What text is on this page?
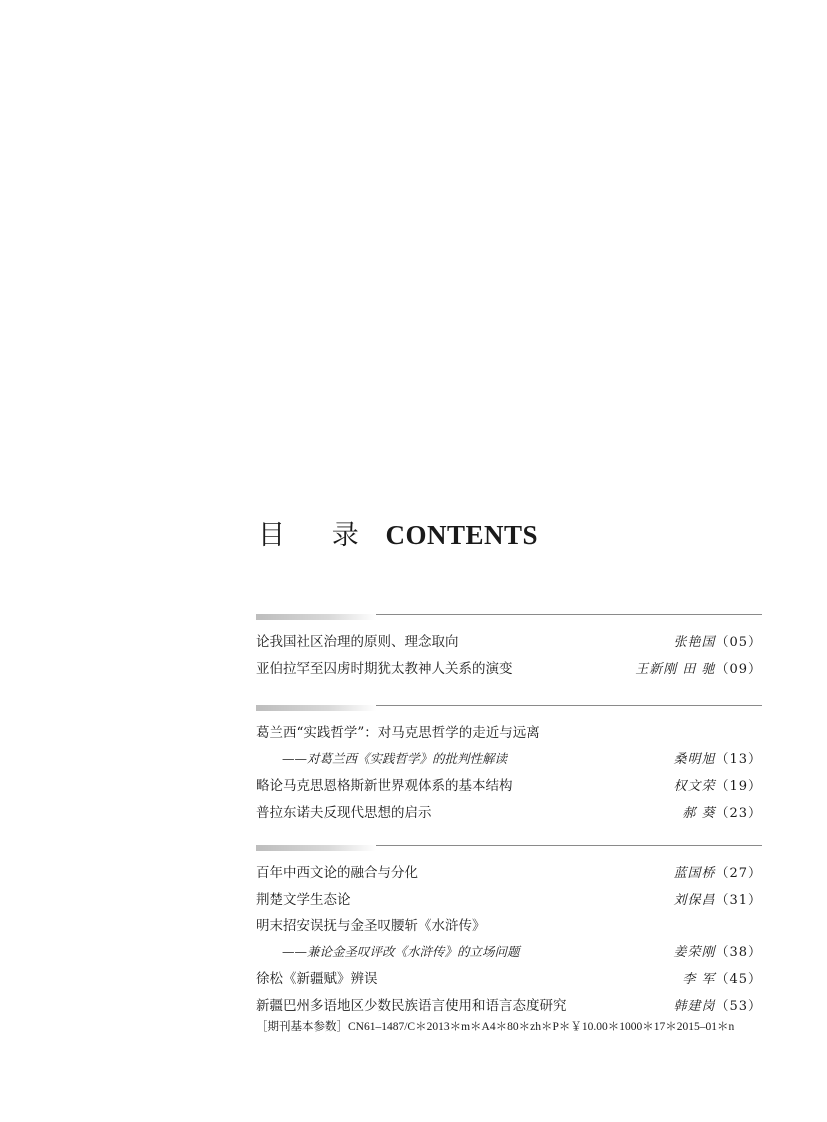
目 录 CONTENTS
论我国社区治理的原则、理念取向	张艳国（05）
亚伯拉罕至囚虏时期犹太教神人关系的演变	王新刚 田 驰（09）
葛兰西“实践哲学”：对马克思哲学的走近与远离
——对葛兰西《实践哲学》的批判性解读	桑明旭（13）
略论马克思恩格斯新世界观体系的基本结构	权文荣（19）
普拉东诺夫反现代思想的启示	郝 葵（23）
百年中西文论的融合与分化	蓝国桥（27）
荆楚文学生态论	刘保昌（31）
明末招安误抚与金圣叹腰斩《水浒传》
——兼论金圣叹评改《水浒传》的立场问题	姜荣刚（38）
徐松《新疆赋》辨误	李 军（45）
新疆巴州多语地区少数民族语言使用和语言态度研究	韩建岗（53）
［期刊基本参数］CN61–1487/C＊2013＊m＊A4＊80＊zh＊P＊￥10.00＊1000＊17＊2015–01＊n
